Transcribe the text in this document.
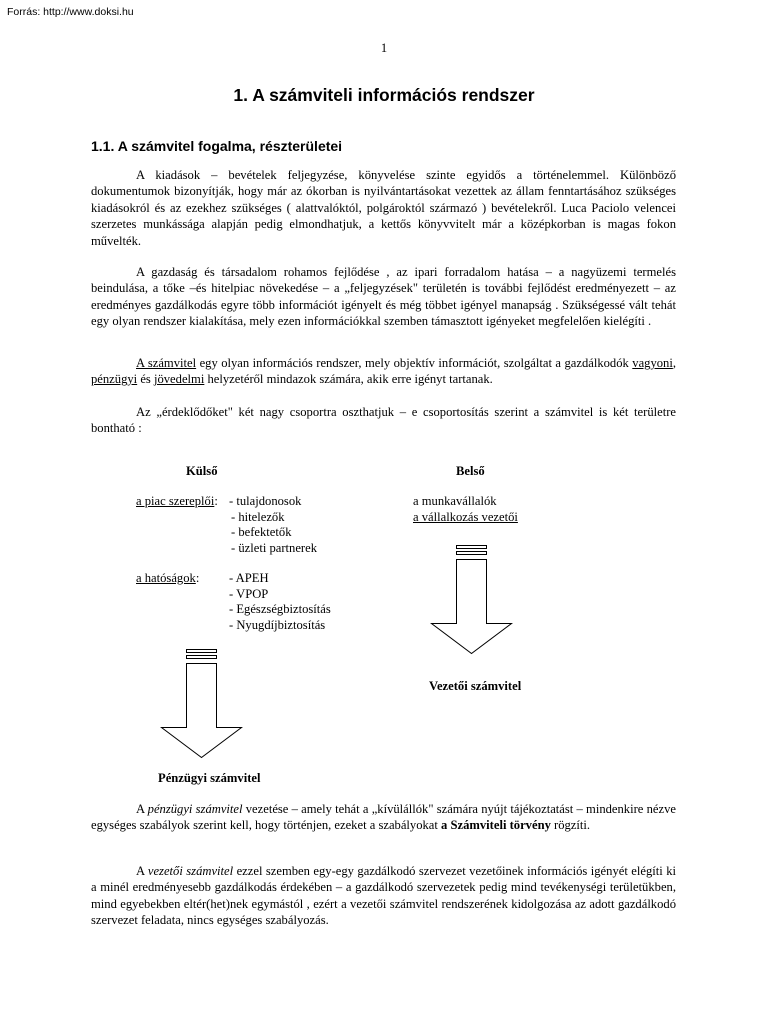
Forrás: http://www.doksi.hu
1
1. A számviteli információs rendszer
1.1. A számvitel fogalma, részterületei

A kiadások – bevételek feljegyzése, könyvelése szinte egyidős a történelemmel. Különböző dokumentumok bizonyítják, hogy már az ókorban is nyilvántartásokat vezettek az állam fenntartásához szükséges kiadásokról és az ezekhez szükséges ( alattvalóktól, polgároktól származó ) bevételekről. Luca Paciolo velencei szerzetes munkássága alapján pedig elmondhatjuk, a kettős könyvvitelt már a középkorban is magas fokon művelték.

A gazdaság és társadalom rohamos fejlődése , az ipari forradalom hatása – a nagyüzemi termelés beindulása, a tőke –és hitelpiac növekedése – a „feljegyzések" területén is további fejlődést eredményezett – az eredményes gazdálkodás egyre több információt igényelt és még többet igényel manapság . Szükségessé vált tehát egy olyan rendszer kialakítása, mely ezen információkkal szemben támasztott igényeket megfelelően kielégíti .

A számvitel egy olyan információs rendszer, mely objektív információt, szolgáltat a gazdálkodók vagyoni, pénzügyi és jövedelmi helyzetéről mindazok számára, akik erre igényt tartanak.

Az „érdeklődőket" két nagy csoportra oszthatjuk – e csoportosítás szerint a számvitel is két területre bontható :

Külső	Belső
a piac szereplői: - tulajdonosok
- hitelezők
- befektetők
- üzleti partnerek
a hatóságok: - APEH
- VPOP
- Egészségbiztosítás
- Nyugdíjbiztosítás
a munkavállalók
a vállalkozás vezetői
Vezetői számvitel
Pénzügyi számvitel

A pénzügyi számvitel vezetése – amely tehát a „kívülállók" számára nyújt tájékoztatást – mindenkire nézve egységes szabályok szerint kell, hogy történjen, ezeket a szabályokat a Számviteli törvény rögzíti.

A vezetői számvitel ezzel szemben egy-egy gazdálkodó szervezet vezetőinek információs igényét elégíti ki a minél eredményesebb gazdálkodás érdekében – a gazdálkodó szervezetek pedig mind tevékenységi területükben, mind egyebekben eltér(het)nek egymástól , ezért a vezetői számvitel rendszerének kidolgozása az adott gazdálkodó szervezet feladata, nincs egységes szabályozás.
